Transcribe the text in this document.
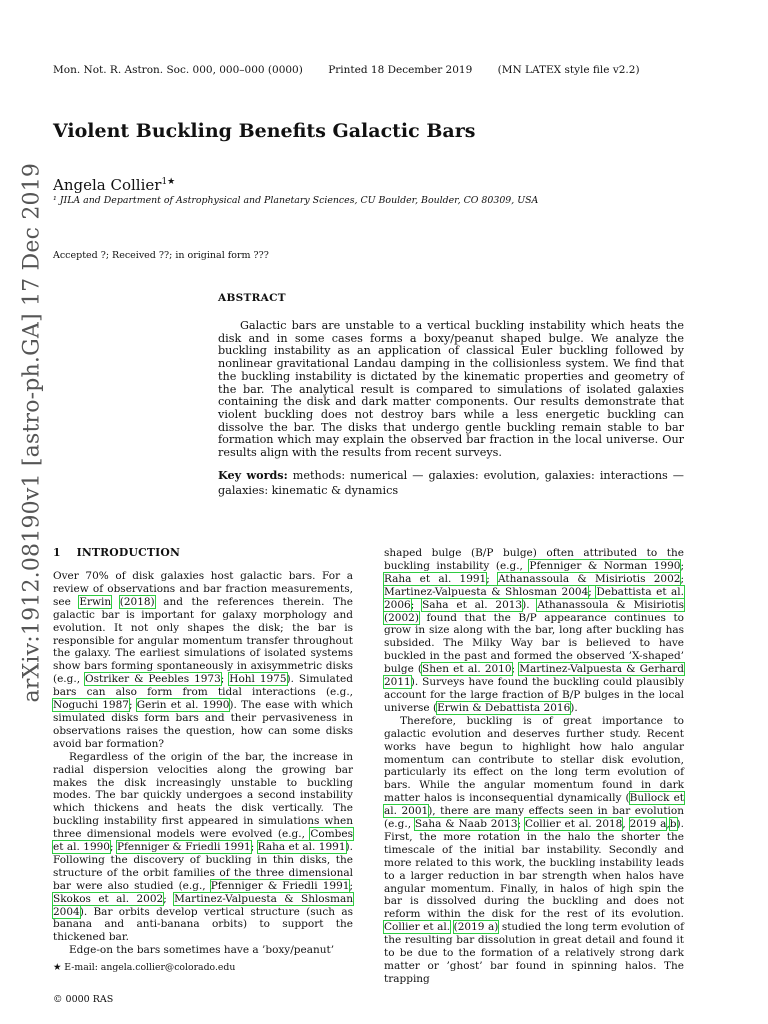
Mon. Not. R. Astron. Soc. 000, 000–000 (0000) Printed 18 December 2019 (MN LATEX style file v2.2)
arXiv:1912.08190v1 [astro-ph.GA] 17 Dec 2019
Violent Buckling Benefits Galactic Bars
Angela Collier$^{1★}$
¹ JILA and Department of Astrophysical and Planetary Sciences, CU Boulder, Boulder, CO 80309, USA
Accepted ?; Received ??; in original form ???
ABSTRACT
Galactic bars are unstable to a vertical buckling instability which heats the disk and in some cases forms a boxy/peanut shaped bulge. We analyze the buckling instability as an application of classical Euler buckling followed by nonlinear gravitational Landau damping in the collisionless system. We find that the buckling instability is dictated by the kinematic properties and geometry of the bar. The analytical result is compared to simulations of isolated galaxies containing the disk and dark matter components. Our results demonstrate that violent buckling does not destroy bars while a less energetic buckling can dissolve the bar. The disks that undergo gentle buckling remain stable to bar formation which may explain the observed bar fraction in the local universe. Our results align with the results from recent surveys.
Key words: methods: numerical — galaxies: evolution, galaxies: interactions — galaxies: kinematic & dynamics
1 INTRODUCTION

Over 70% of disk galaxies host galactic bars. For a review of observations and bar fraction measurements, see Erwin (2018) and the references therein. The galactic bar is important for galaxy morphology and evolution. It not only shapes the disk; the bar is responsible for angular momentum transfer throughout the galaxy. The earliest simulations of isolated systems show bars forming spontaneously in axisymmetric disks (e.g., Ostriker & Peebles 1973; Hohl 1975). Simulated bars can also form from tidal interactions (e.g., Noguchi 1987; Gerin et al. 1990). The ease with which simulated disks form bars and their pervasiveness in observations raises the question, how can some disks avoid bar formation?

Regardless of the origin of the bar, the increase in radial dispersion velocities along the growing bar makes the disk increasingly unstable to buckling modes. The bar quickly undergoes a second instability which thickens and heats the disk vertically. The buckling instability first appeared in simulations when three dimensional models were evolved (e.g., Combes et al. 1990; Pfenniger & Friedli 1991; Raha et al. 1991). Following the discovery of buckling in thin disks, the structure of the orbit families of the three dimensional bar were also studied (e.g., Pfenniger & Friedli 1991; Skokos et al. 2002; Martinez-Valpuesta & Shlosman 2004). Bar orbits develop vertical structure (such as banana and anti-banana orbits) to support the thickened bar.

Edge-on the bars sometimes have a ’boxy/peanut’

shaped bulge (B/P bulge) often attributed to the buckling instability (e.g., Pfenniger & Norman 1990; Raha et al. 1991; Athanassoula & Misiriotis 2002; Martinez-Valpuesta & Shlosman 2004; Debattista et al. 2006; Saha et al. 2013). Athanassoula & Misiriotis (2002) found that the B/P appearance continues to grow in size along with the bar, long after buckling has subsided. The Milky Way bar is believed to have buckled in the past and formed the observed ’X-shaped’ bulge (Shen et al. 2010; Martinez-Valpuesta & Gerhard 2011). Surveys have found the buckling could plausibly account for the large fraction of B/P bulges in the local universe (Erwin & Debattista 2016).

Therefore, buckling is of great importance to galactic evolution and deserves further study. Recent works have begun to highlight how halo angular momentum can contribute to stellar disk evolution, particularly its effect on the long term evolution of bars. While the angular momentum found in dark matter halos is inconsequential dynamically (Bullock et al. 2001), there are many effects seen in bar evolution (e.g., Saha & Naab 2013; Collier et al. 2018, 2019 a,b). First, the more rotation in the halo the shorter the timescale of the initial bar instability. Secondly and more related to this work, the buckling instability leads to a larger reduction in bar strength when halos have angular momentum. Finally, in halos of high spin the bar is dissolved during the buckling and does not reform within the disk for the rest of its evolution. Collier et al. (2019 a) studied the long term evolution of the resulting bar dissolution in great detail and found it to be due to the formation of a relatively strong dark matter or ’ghost’ bar found in spinning halos. The trapping

★ E-mail: angela.collier@colorado.edu
© 0000 RAS
